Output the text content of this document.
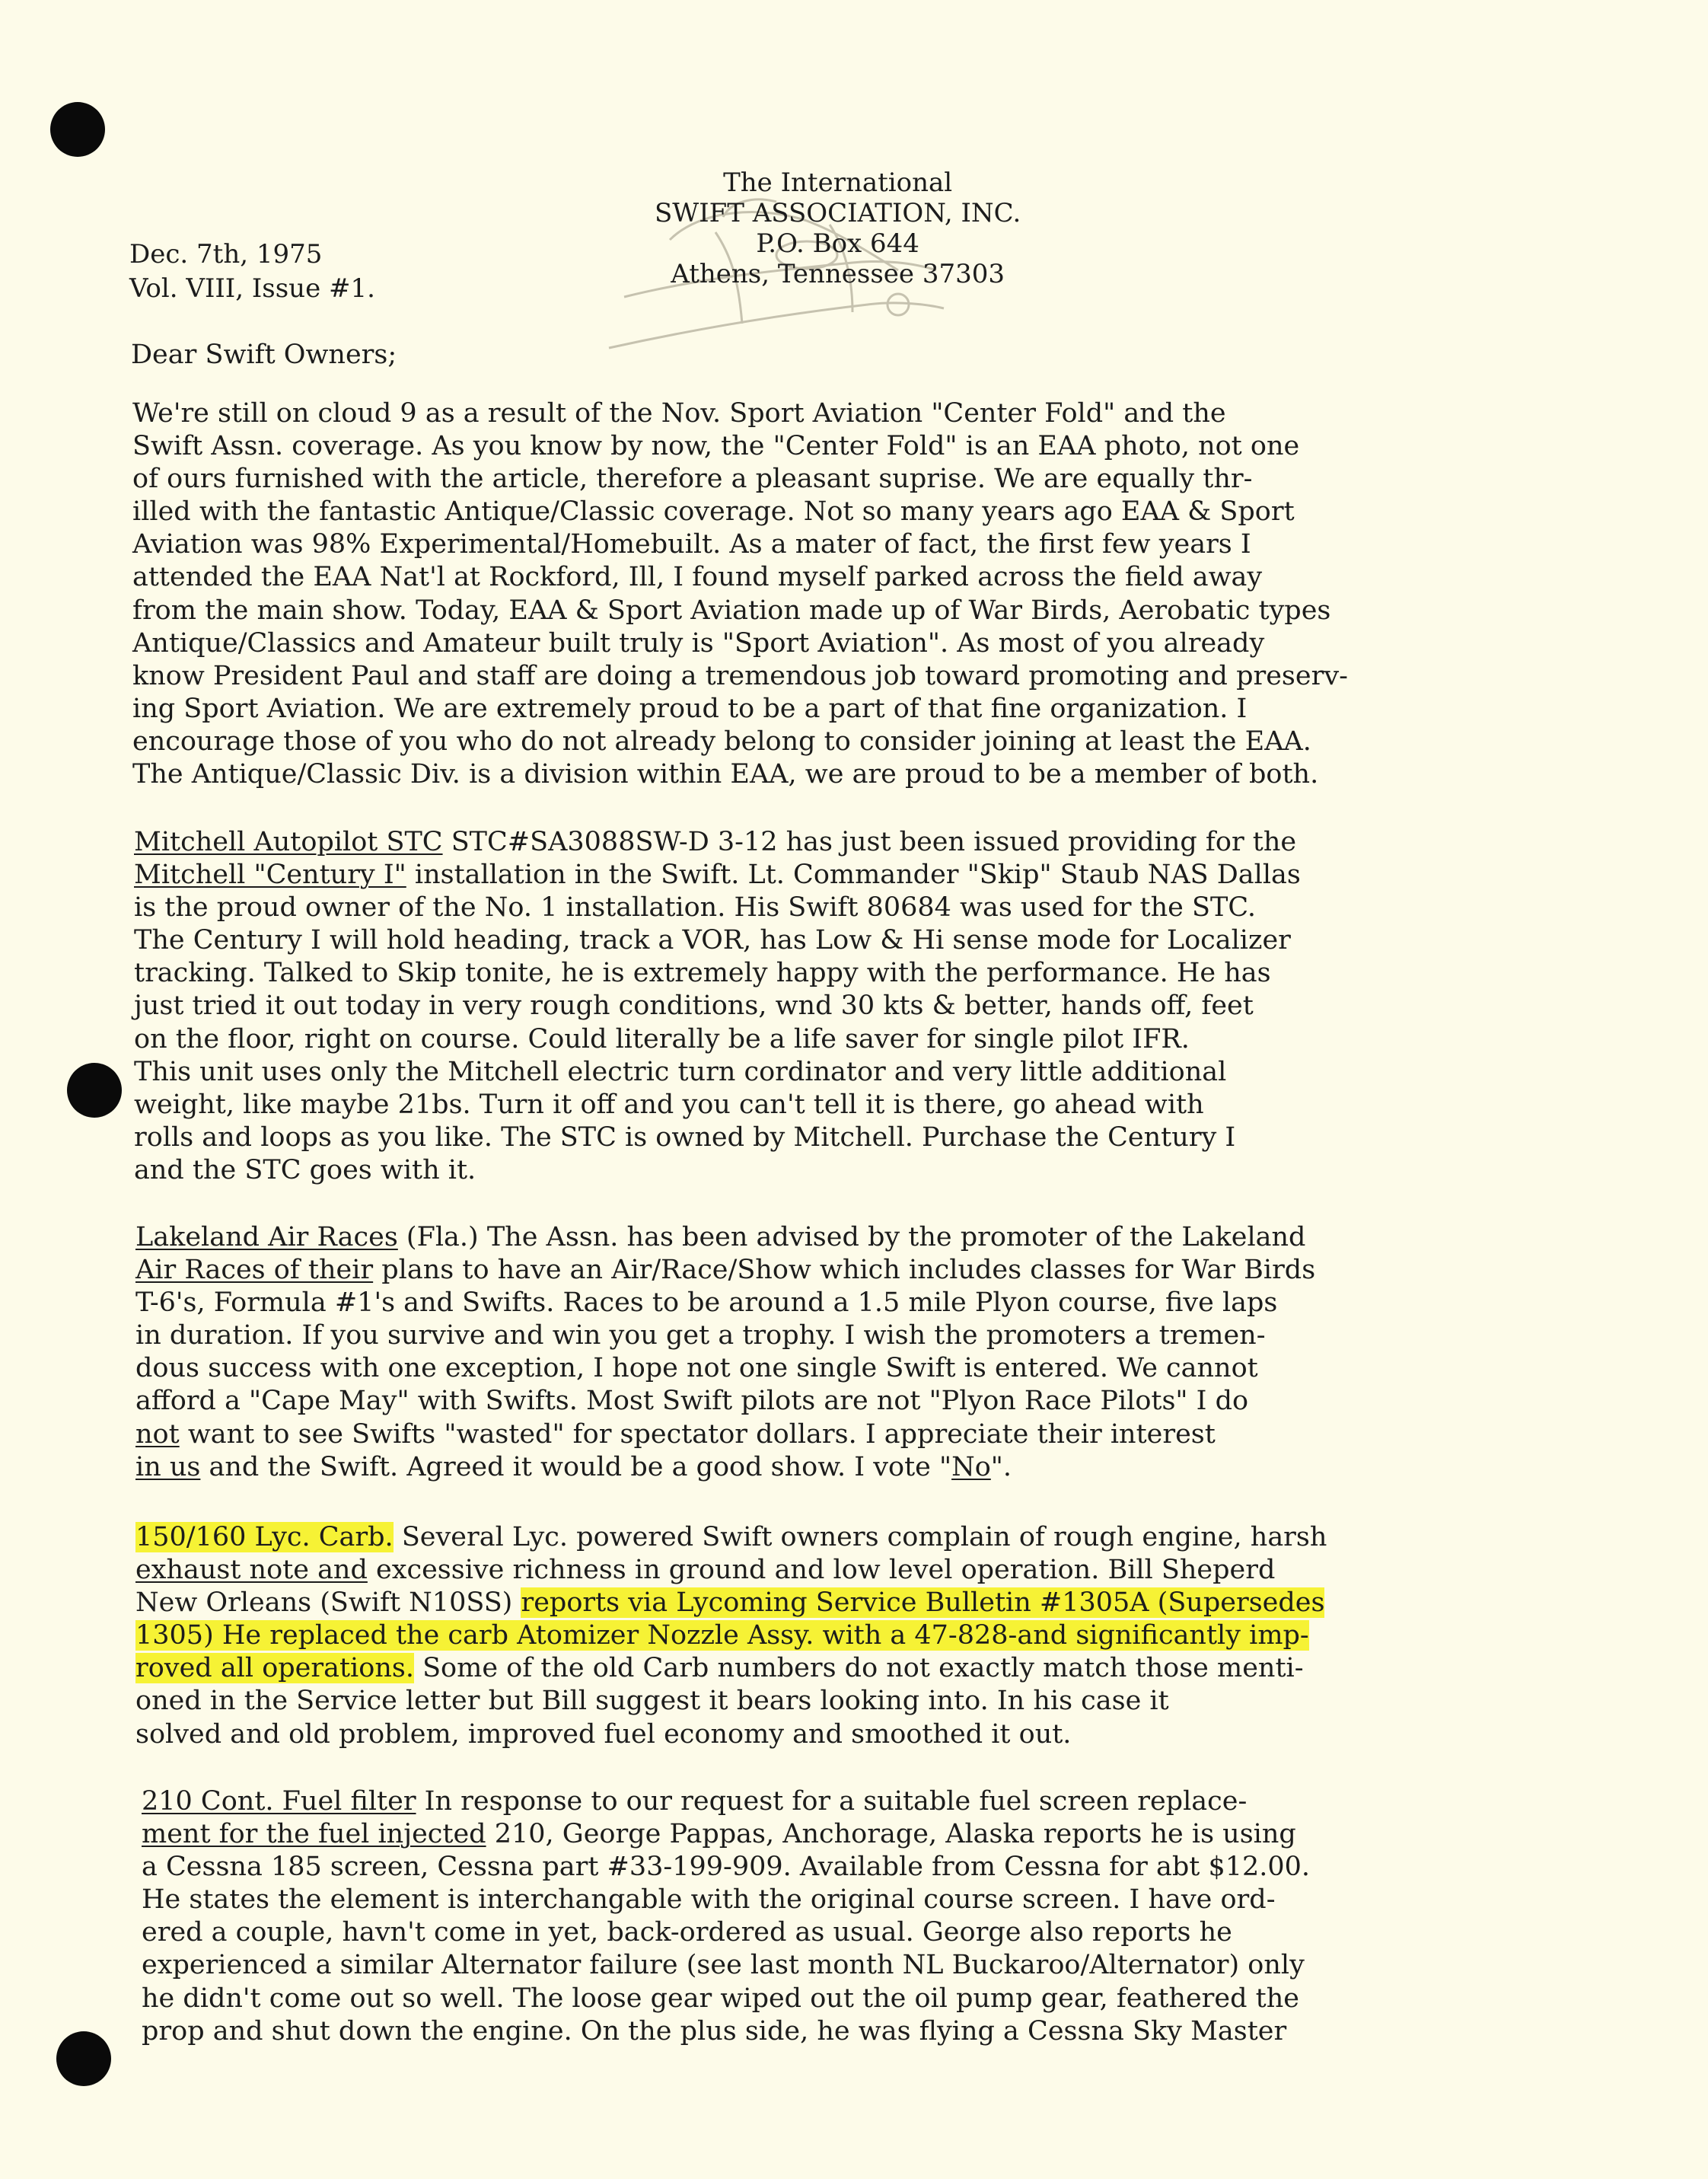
Dec. 7th, 1975
Vol. VIII, Issue #1.
The International
SWIFT ASSOCIATION, INC.
P.O. Box 644
Athens, Tennessee 37303
Dear Swift Owners;
We're still on cloud 9 as a result of the Nov. Sport Aviation "Center Fold" and the
Swift Assn. coverage. As you know by now, the "Center Fold" is an EAA photo, not one
of ours furnished with the article, therefore a pleasant suprise. We are equally thr-
illed with the fantastic Antique/Classic coverage. Not so many years ago EAA & Sport
Aviation was 98% Experimental/Homebuilt. As a mater of fact, the first few years I
attended the EAA Nat'l at Rockford, Ill, I found myself parked across the field away
from the main show. Today, EAA & Sport Aviation made up of War Birds, Aerobatic types
Antique/Classics and Amateur built truly is "Sport Aviation". As most of you already
know President Paul and staff are doing a tremendous job toward promoting and preserv-
ing Sport Aviation. We are extremely proud to be a part of that fine organization. I
encourage those of you who do not already belong to consider joining at least the EAA.
The Antique/Classic Div. is a division within EAA, we are proud to be a member of both.
Mitchell Autopilot STC STC#SA3088SW-D 3-12 has just been issued providing for the
Mitchell "Century I" installation in the Swift. Lt. Commander "Skip" Staub NAS Dallas
is the proud owner of the No. 1 installation. His Swift 80684 was used for the STC.
The Century I will hold heading, track a VOR, has Low & Hi sense mode for Localizer
tracking. Talked to Skip tonite, he is extremely happy with the performance. He has
just tried it out today in very rough conditions, wnd 30 kts & better, hands off, feet
on the floor, right on course. Could literally be a life saver for single pilot IFR.
This unit uses only the Mitchell electric turn cordinator and very little additional
weight, like maybe 21bs. Turn it off and you can't tell it is there, go ahead with
rolls and loops as you like. The STC is owned by Mitchell. Purchase the Century I
and the STC goes with it.
Lakeland Air Races (Fla.) The Assn. has been advised by the promoter of the Lakeland
Air Races of their plans to have an Air/Race/Show which includes classes for War Birds
T-6's, Formula #1's and Swifts. Races to be around a 1.5 mile Plyon course, five laps
in duration. If you survive and win you get a trophy. I wish the promoters a tremen-
dous success with one exception, I hope not one single Swift is entered. We cannot
afford a "Cape May" with Swifts. Most Swift pilots are not "Plyon Race Pilots" I do
not want to see Swifts "wasted" for spectator dollars. I appreciate their interest
in us and the Swift. Agreed it would be a good show. I vote "No".
150/160 Lyc. Carb. Several Lyc. powered Swift owners complain of rough engine, harsh
exhaust note and excessive richness in ground and low level operation. Bill Sheperd
New Orleans (Swift N10SS) reports via Lycoming Service Bulletin #1305A (Supersedes
1305) He replaced the carb Atomizer Nozzle Assy. with a 47-828-and significantly imp-
roved all operations. Some of the old Carb numbers do not exactly match those menti-
oned in the Service letter but Bill suggest it bears looking into. In his case it
solved and old problem, improved fuel economy and smoothed it out.
210 Cont. Fuel filter In response to our request for a suitable fuel screen replace-
ment for the fuel injected 210, George Pappas, Anchorage, Alaska reports he is using
a Cessna 185 screen, Cessna part #33-199-909. Available from Cessna for abt $12.00.
He states the element is interchangable with the original course screen. I have ord-
ered a couple, havn't come in yet, back-ordered as usual. George also reports he
experienced a similar Alternator failure (see last month NL Buckaroo/Alternator) only
he didn't come out so well. The loose gear wiped out the oil pump gear, feathered the
prop and shut down the engine. On the plus side, he was flying a Cessna Sky Master
